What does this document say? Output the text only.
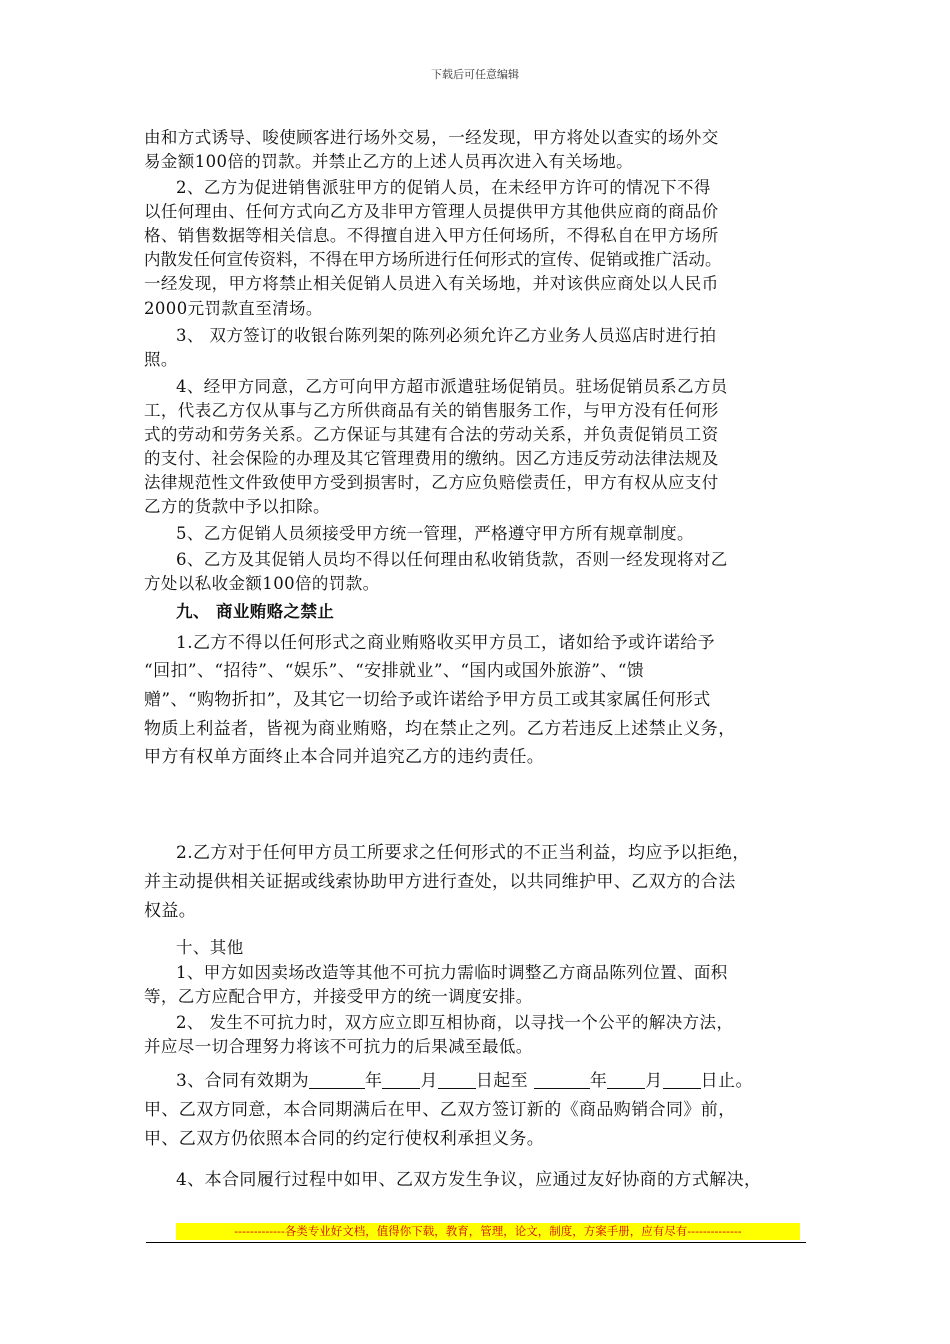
下载后可任意编辑
由和方式诱导、唆使顾客进行场外交易，一经发现，甲方将处以查实的场外交
易金额100倍的罚款。并禁止乙方的上述人员再次进入有关场地。
2、乙方为促进销售派驻甲方的促销人员，在未经甲方许可的情况下不得
以任何理由、任何方式向乙方及非甲方管理人员提供甲方其他供应商的商品价
格、销售数据等相关信息。不得擅自进入甲方任何场所，不得私自在甲方场所
内散发任何宣传资料，不得在甲方场所进行任何形式的宣传、促销或推广活动。
一经发现，甲方将禁止相关促销人员进入有关场地，并对该供应商处以人民币
2000元罚款直至清场。
3、 双方签订的收银台陈列架的陈列必须允许乙方业务人员巡店时进行拍
照。
4、经甲方同意，乙方可向甲方超市派遣驻场促销员。驻场促销员系乙方员
工，代表乙方仅从事与乙方所供商品有关的销售服务工作，与甲方没有任何形
式的劳动和劳务关系。乙方保证与其建有合法的劳动关系，并负责促销员工资
的支付、社会保险的办理及其它管理费用的缴纳。因乙方违反劳动法律法规及
法律规范性文件致使甲方受到损害时，乙方应负赔偿责任，甲方有权从应支付
乙方的货款中予以扣除。
5、乙方促销人员须接受甲方统一管理，严格遵守甲方所有规章制度。
6、乙方及其促销人员均不得以任何理由私收销货款，否则一经发现将对乙
方处以私收金额100倍的罚款。
九、 商业贿赂之禁止
1.乙方不得以任何形式之商业贿赂收买甲方员工，诸如给予或许诺给予
“回扣”、“招待”、“娱乐”、“安排就业”、“国内或国外旅游”、“馈
赠”、“购物折扣”，及其它一切给予或许诺给予甲方员工或其家属任何形式
物质上利益者，皆视为商业贿赂，均在禁止之列。乙方若违反上述禁止义务，
甲方有权单方面终止本合同并追究乙方的违约责任。
2.乙方对于任何甲方员工所要求之任何形式的不正当利益，均应予以拒绝，
并主动提供相关证据或线索协助甲方进行查处，以共同维护甲、乙双方的合法
权益。
十、其他
1、甲方如因卖场改造等其他不可抗力需临时调整乙方商品陈列位置、面积
等，乙方应配合甲方，并接受甲方的统一调度安排。
2、 发生不可抗力时，双方应立即互相协商，以寻找一个公平的解决方法，
并应尽一切合理努力将该不可抗力的后果减至最低。
3、合同有效期为	年 月 日起至	年 月 日止。
甲、乙双方同意，本合同期满后在甲、乙双方签订新的《商品购销合同》前，
甲、乙双方仍依照本合同的约定行使权利承担义务。
4、本合同履行过程中如甲、乙双方发生争议，应通过友好协商的方式解决，
-------------各类专业好文档，值得你下载，教育，管理，论文，制度，方案手册，应有尽有--------------
